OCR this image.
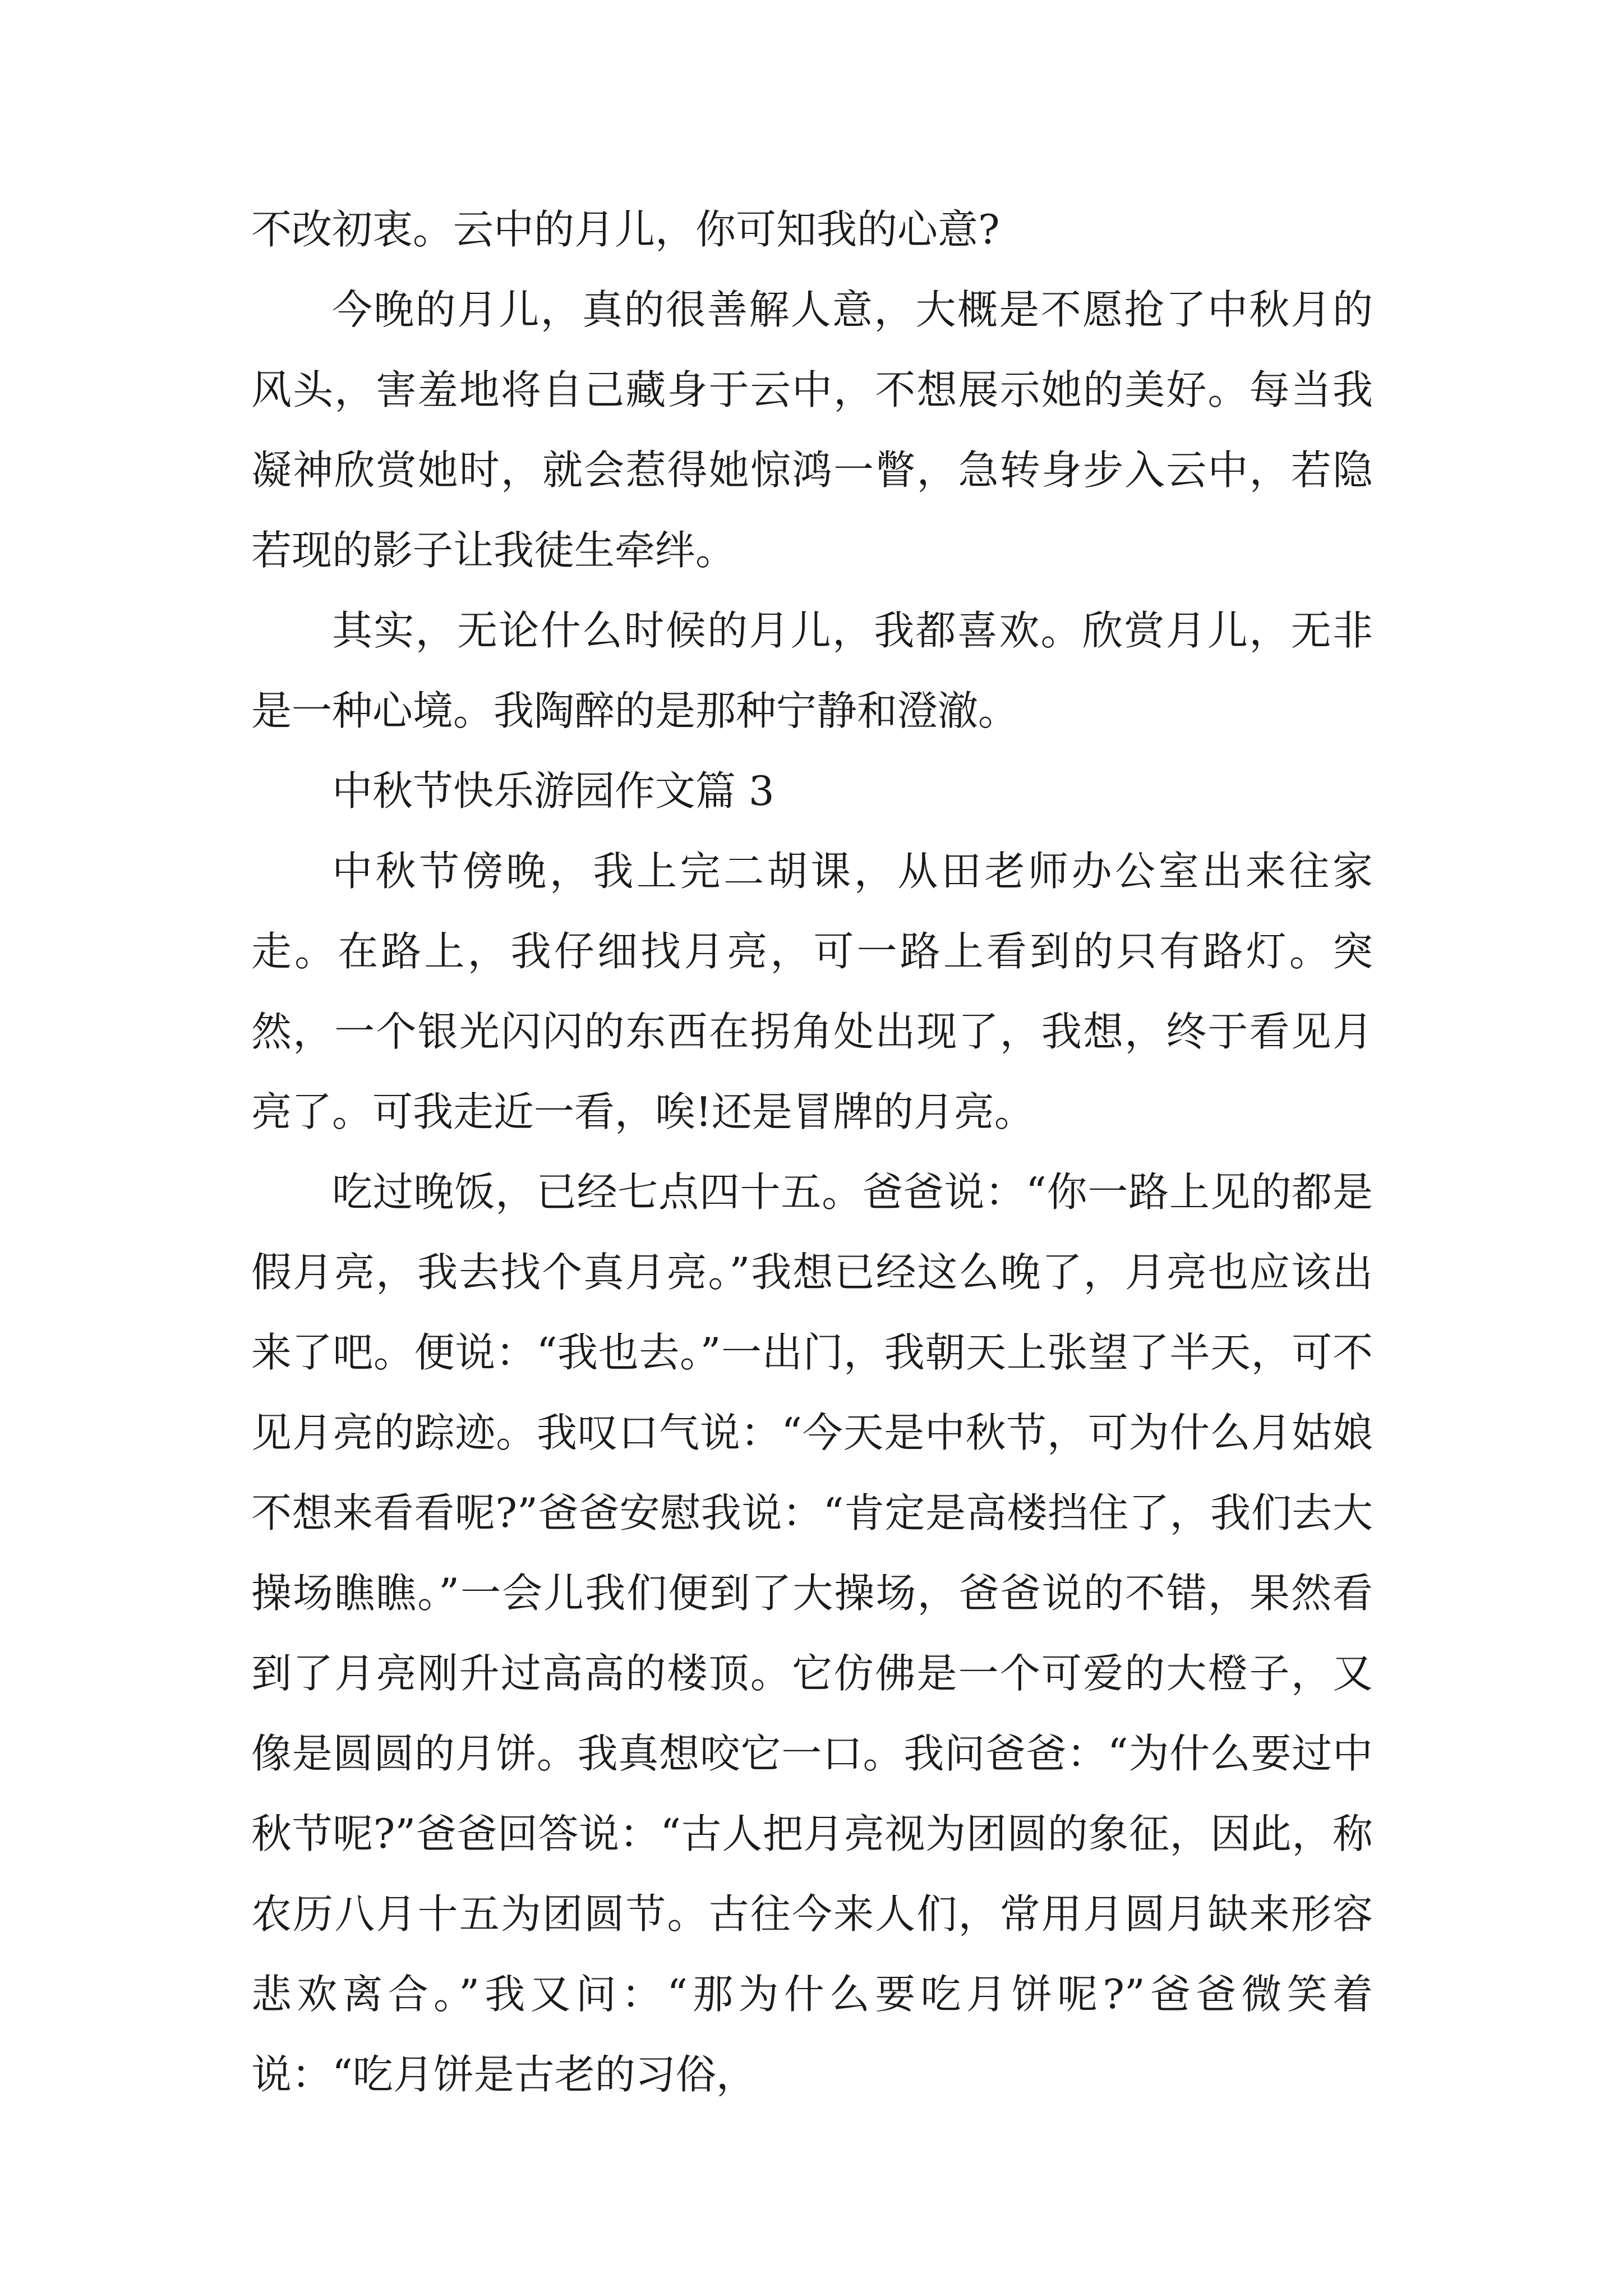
不改初衷。云中的月儿，你可知我的心意?

今晚的月儿，真的很善解人意，大概是不愿抢了中秋月的风头，害羞地将自己藏身于云中，不想展示她的美好。每当我凝神欣赏她时，就会惹得她惊鸿一瞥，急转身步入云中，若隐若现的影子让我徒生牵绊。

其实，无论什么时候的月儿，我都喜欢。欣赏月儿，无非是一种心境。我陶醉的是那种宁静和澄澈。

中秋节快乐游园作文篇 3

中秋节傍晚，我上完二胡课，从田老师办公室出来往家走。在路上，我仔细找月亮，可一路上看到的只有路灯。突然，一个银光闪闪的东西在拐角处出现了，我想，终于看见月亮了。可我走近一看，唉!还是冒牌的月亮。

吃过晚饭，已经七点四十五。爸爸说：“你一路上见的都是假月亮，我去找个真月亮。”我想已经这么晚了，月亮也应该出来了吧。便说：“我也去。”一出门，我朝天上张望了半天，可不见月亮的踪迹。我叹口气说：“今天是中秋节，可为什么月姑娘不想来看看呢?”爸爸安慰我说：“肯定是高楼挡住了，我们去大操场瞧瞧。”一会儿我们便到了大操场，爸爸说的不错，果然看到了月亮刚升过高高的楼顶。它仿佛是一个可爱的大橙子，又像是圆圆的月饼。我真想咬它一口。我问爸爸：“为什么要过中秋节呢?”爸爸回答说：“古人把月亮视为团圆的象征，因此，称农历八月十五为团圆节。古往今来人们，常用月圆月缺来形容悲欢离合。”我又问：“那为什么要吃月饼呢?”爸爸微笑着说：“吃月饼是古老的习俗，
